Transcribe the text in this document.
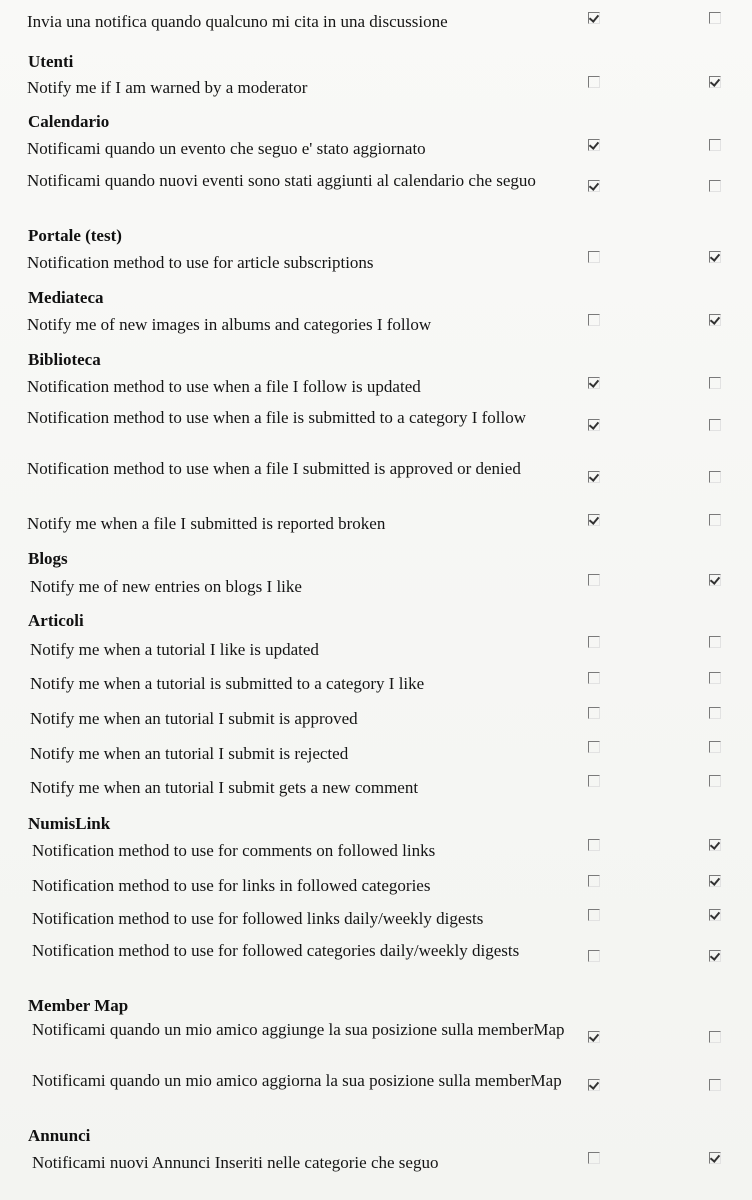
Invia una notifica quando qualcuno mi cita in una discussione
Utenti
Notify me if I am warned by a moderator
Calendario
Notificami quando un evento che seguo e' stato aggiornato
Notificami quando nuovi eventi sono stati aggiunti al calendario che seguo
Portale (test)
Notification method to use for article subscriptions
Mediateca
Notify me of new images in albums and categories I follow
Biblioteca
Notification method to use when a file I follow is updated
Notification method to use when a file is submitted to a category I follow
Notification method to use when a file I submitted is approved or denied
Notify me when a file I submitted is reported broken
Blogs
Notify me of new entries on blogs I like
Articoli
Notify me when a tutorial I like is updated
Notify me when a tutorial is submitted to a category I like
Notify me when an tutorial I submit is approved
Notify me when an tutorial I submit is rejected
Notify me when an tutorial I submit gets a new comment
NumisLink
Notification method to use for comments on followed links
Notification method to use for links in followed categories
Notification method to use for followed links daily/weekly digests
Notification method to use for followed categories daily/weekly digests
Member Map
Notificami quando un mio amico aggiunge la sua posizione sulla memberMap
Notificami quando un mio amico aggiorna la sua posizione sulla memberMap
Annunci
Notificami nuovi Annunci Inseriti nelle categorie che seguo
